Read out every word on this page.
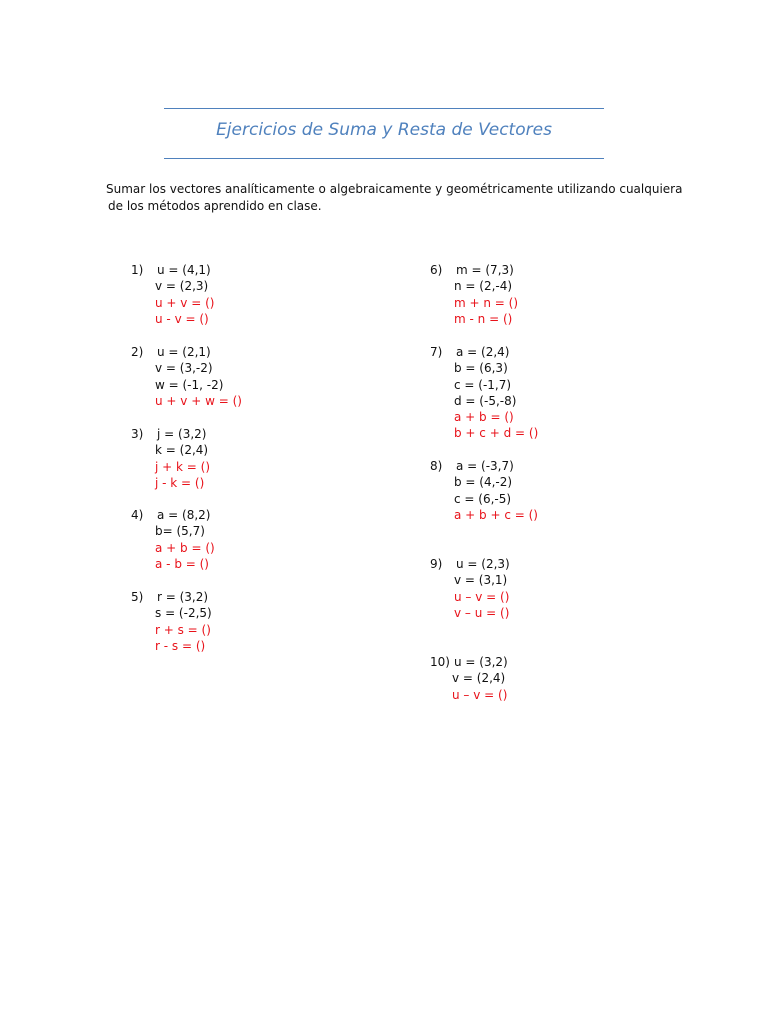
Ejercicios de Suma y Resta de Vectores
Sumar los vectores analíticamente o algebraicamente y geométricamente utilizando cualquiera
de los métodos aprendido en clase.
1) u = (4,1)
v = (2,3)
u + v = ()
u - v = ()
2) u = (2,1)
v = (3,-2)
w = (-1, -2)
u + v + w = ()
3) j = (3,2)
k = (2,4)
j + k = ()
j - k = ()
4) a = (8,2)
b= (5,7)
a + b = ()
a - b = ()
5) r = (3,2)
s = (-2,5)
r + s = ()
r - s = ()
6) m = (7,3)
n = (2,-4)
m + n = ()
m - n = ()
7) a = (2,4)
b = (6,3)
c = (-1,7)
d = (-5,-8)
a + b = ()
b + c + d = ()
8) a = (-3,7)
b = (4,-2)
c = (6,-5)
a + b + c = ()
9) u = (2,3)
v = (3,1)
u – v = ()
v – u = ()
10) u = (3,2)
v = (2,4)
u – v = ()
